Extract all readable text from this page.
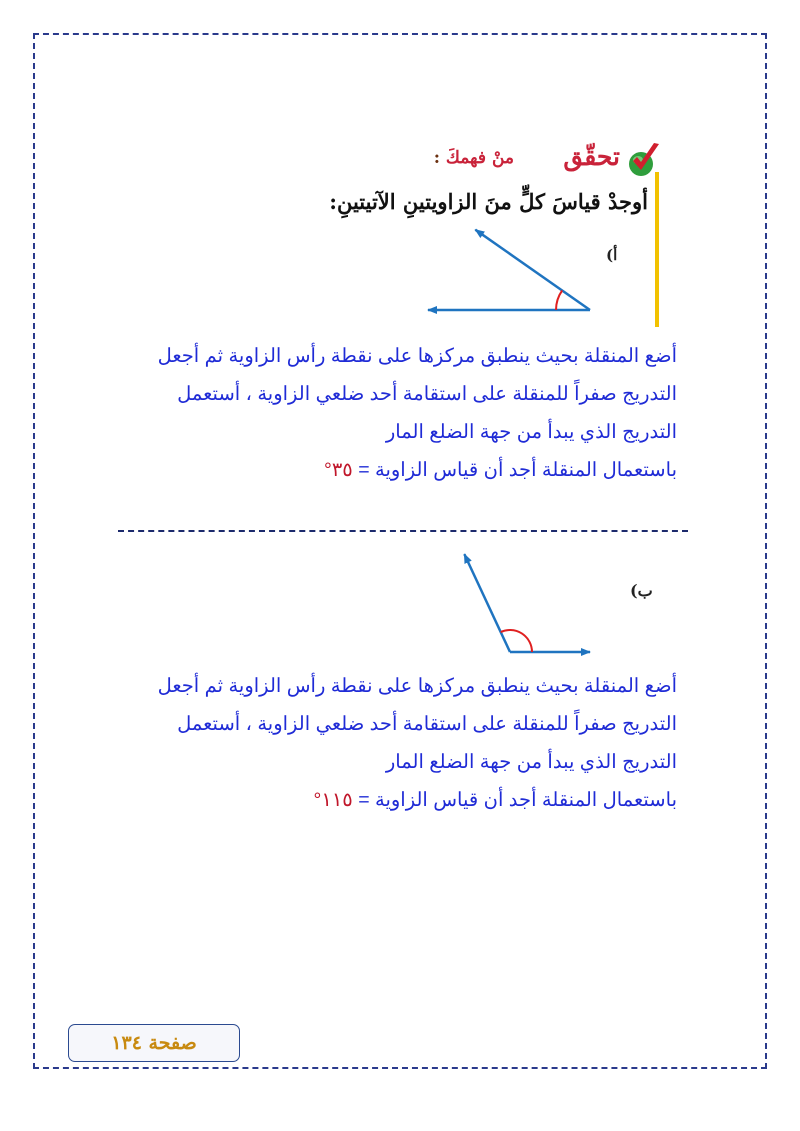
تحقّق
منْ فهمكَ :
أوجدْ قياسَ كلٍّ منَ الزاويتينِ الآتيتينِ:
أ)
ب)
أضع المنقلة بحيث ينطبق مركزها على نقطة رأس الزاوية ثم أجعل
التدريج صفراً للمنقلة على استقامة أحد ضلعي الزاوية ، أستعمل
التدريج الذي يبدأ من جهة الضلع المار
باستعمال المنقلة أجد أن قياس الزاوية = ٣٥°
أضع المنقلة بحيث ينطبق مركزها على نقطة رأس الزاوية ثم أجعل
التدريج صفراً للمنقلة على استقامة أحد ضلعي الزاوية ، أستعمل
التدريج الذي يبدأ من جهة الضلع المار
باستعمال المنقلة أجد أن قياس الزاوية = ١١٥°
صفحة ١٣٤
